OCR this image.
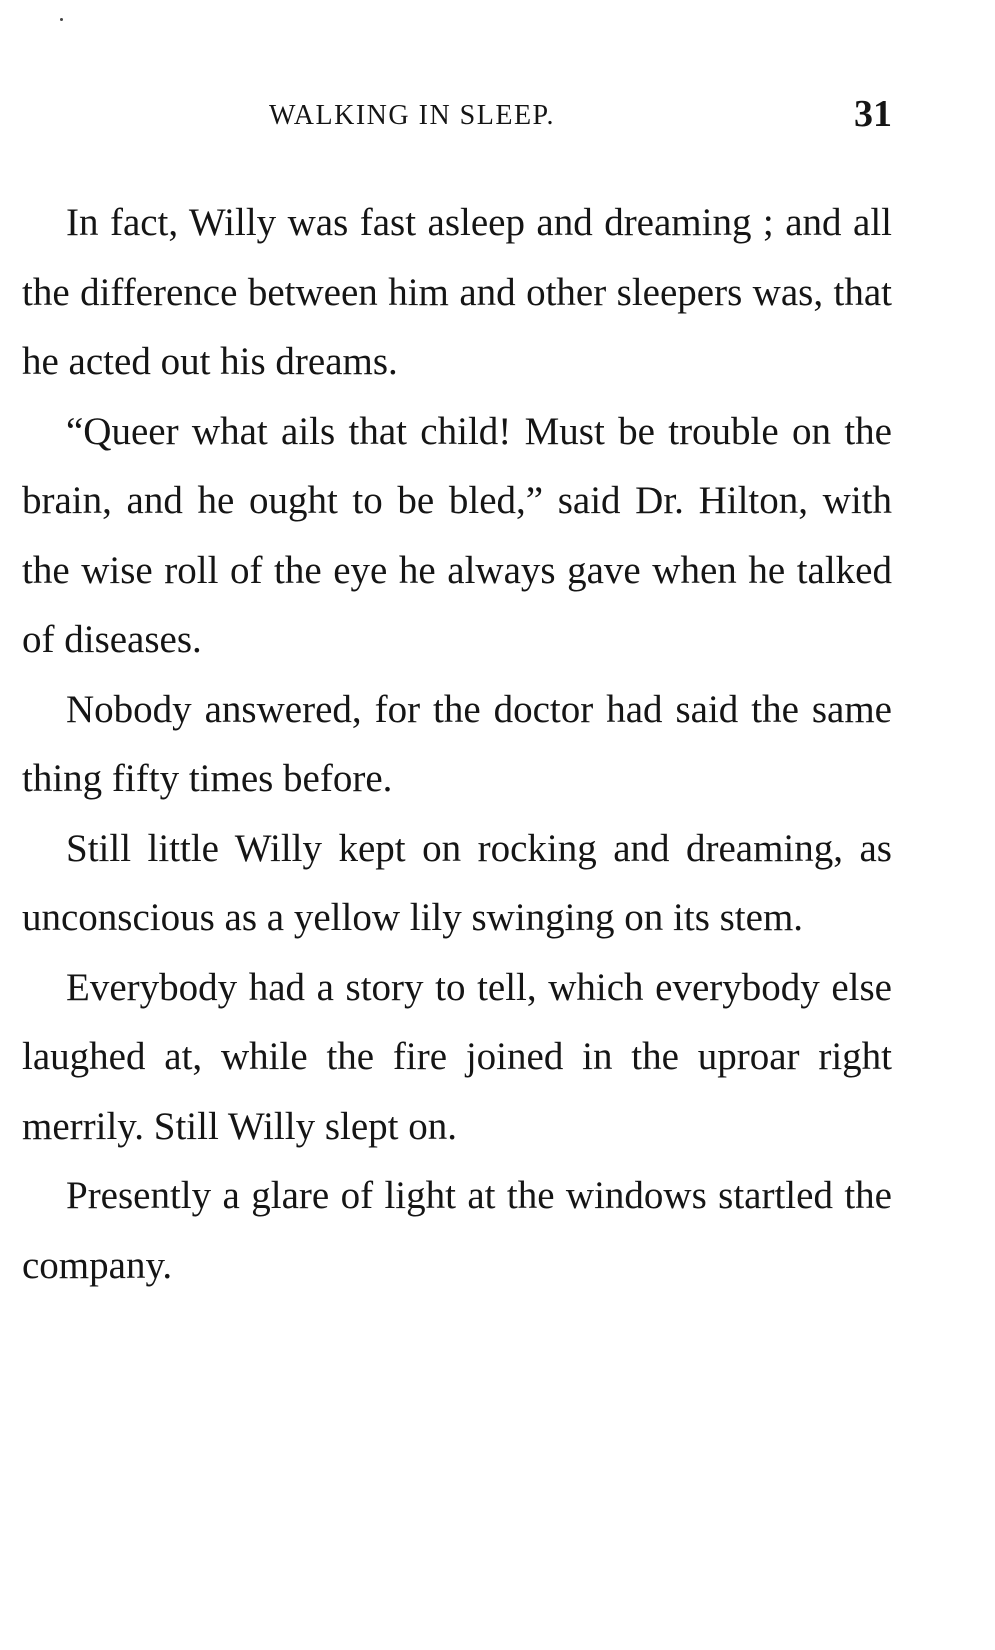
WALKING IN SLEEP.	31

In fact, Willy was fast asleep and dreaming ; and all the difference between him and other sleepers was, that he acted out his dreams.

“Queer what ails that child! Must be trouble on the brain, and he ought to be bled,” said Dr. Hilton, with the wise roll of the eye he always gave when he talked of diseases.

Nobody answered, for the doctor had said the same thing fifty times before.

Still little Willy kept on rocking and dreaming, as unconscious as a yellow lily swinging on its stem.

Everybody had a story to tell, which everybody else laughed at, while the fire joined in the uproar right merrily. Still Willy slept on.

Presently a glare of light at the windows startled the company.
